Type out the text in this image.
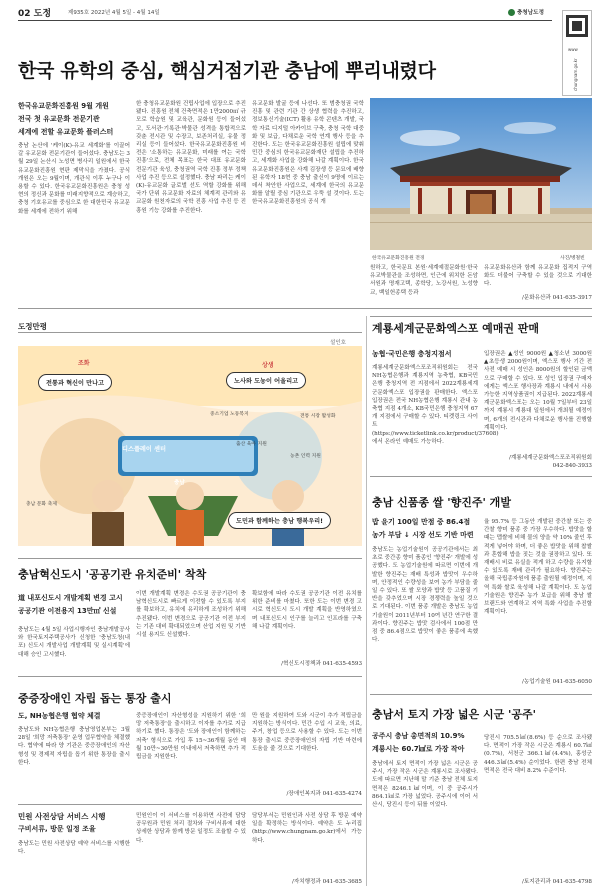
02 도정	제935호 2022년 4월 5일 - 4월 14일	충청남도정
www
chungnam.go.kr
한국 유학의 중심, 핵심거점기관 충남에 뿌리내렸다
한국유교문화진흥원 9월 개원
전국 첫 유교문화 전문기관
세계에 전할 유교문화 플러스터
충남 논산에 '케이(K)-유교 세계화'를 이끌어 갈 유교문화 전문기관이 들어섰다. 충남도는 3월 29일 논산시 노성면 병사리 일원에서 한국유교문화진흥원 현판 제막식을 가졌다. 공식 개원은 오는 9월이며, 개관식 이후 누구나 이용할 수 있다. 한국유교문화진흥원은 충청 성현의 정신과 문화를 미래지향적으로 계승하고, 충청 기호유교를 중심으로 한 대한민국 유교문화를 세계에 전하기 위해
한 충청유교문화원 건립사업에 입장으로 추진됐다. 진흥원 전체 건축면적은 1만2000㎡ 규모로 학습원 및 교육관, 문화원 등이 들어섰고, 도서관·기록관·박물관 성격을 통합적으로 갖춘 전시관 및 수장고, 보존처리실, 유물 정리실 등이 들어섰다. 한국유교문화진흥원 비전은 '소통하는 유교문화, 미래를 여는 국학 진흥'으로, 전체 목표는 한국 대표 유교문화 전문기관 육성, 충청권역 국학 진흥 정부 정책 사업 추진 등으로 설정했다. 충남 파리는 케이(K)-유교문화 글로벌 선도 역할 강화를 위해 국가 단위 유교문화 자료의 체계적 관리와 유교문화 원천자료의 국학 진흥 사업 추진 등 진흥원 기능 강화를 추진한다.
유교문화 발굴 등에 나선다. 또 범충청권 국학 진흥 및 관련 기관 간 상생 협력을 추진하고, 정보통신기술(ICT) 활용 유학 콘텐츠 개발, 국학 자료 디지털 아카이브 구축, 충청 국학 대중화 및 보급, 다채로운 국학 연계 행사 등을 추진한다. 도는 한국유교문화진흥원 설립에 맞춰 민간 중심의 한국유교문화재단 설립을 추진하고, 세계화 사업을 강화해 나갈 계획이다. 한국유교문화진흥원은 사계 김장생 등 문묘에 배향된 유학자 18현 중 충남 출신이 9명에 이르는 데서 착안한 사업으로, 세계에 한국의 유교문화를 알릴 중심 기관으로 우뚝 설 것이다. 도는 한국유교문화진흥원의 공식 개
한국유교문화진흥원 전경	사진/병철빈
원하고, 한국문묘 본원·세계예절문화원·한국유교박물관을 조성하면, 인근에 위치한 돈암서원과 명재고택, 종학당, 노강서원, 노성향교, 백일헌종택 등과
유교문화유산과 함께 유교문화 집적지 구역화도 더불어 구축할 수 있을 것으로 기대한다.
/문화유산과 041-635-3917
도정만평
설인호
조화	상생
전통과 혁신이 만나고	노사와 도농이 어울리고
디스플레이 센터
충남
충남 문화 축제
중소기업 노동복지	전통 시장 활성화
출산 육아 지원
농촌 인력 지원
도민과 함께하는 충남 행복우리!
계룡세계군문화엑스포 예매권 판매
농협·국민은행 충청지점서
계룡세계군문화엑스포조직위원회는 전국 NH농협은행과 계룡지역 농축협, KB국민은행 충청지역 전 지점에서 2022계룡세계군문화엑스포 입장권을 판매한다. 엑스포 입장권은 전국 NH농협은행 계룡시 관내 농축협 지점 4개소, KB국민은행 충청지역 67개 지점에서 구매할 수 있다. 티켓링크 사이트(https://www.ticketlink.co.kr/product/37608)에서 온라인 예매도 가능하다.
입장권은 ▲성인 9000원 ▲청소년 3000원 ▲초등생 2000원이며, 엑스포 행사 기간 전 사전 예매 시 성인은 8000원의 할인된 금액으로 구매할 수 있다. 또 성인 입장권 구매자에게는 엑스포 행사장과 계룡시 내에서 사용 가능한 지역상품권이 지급된다. 2022계룡세계군문화엑스포는 오는 10월 7일부터 23일까지 계룡시 계룡대 일원에서 개최될 예정이며, 6개의 전시관과 다채로운 행사를 진행할 계획이다.
/계룡세계군문화엑스포조직위원회
042-840-3933
충남 신품종 쌀 '향진주' 개발
밥 윤기 100일 만점 중 86.4점
농가 부담 ↓ 시장 선도 기반 마련
충남도는 농업기술원이 공공기관에서는 최초로 중간종 향미 품종인 '향진주' 개발에 성공했다. 도 농업기술원에 따르면 이번에 개발한 향진주는 재배 특성과 밥맛이 우수하며, 안정적인 수량성을 보여 농가 부담을 줄일 수 있다. 또 쌀 모양과 밥맛 등 고품질 기반을 갖추었으며 시장 경쟁력을 높일 것으로 기대된다. 이번 품종 개발은 충남도 농업기술원이 2011년부터 10여 년간 연구한 결과이다. 향진주는 밥맛 검사에서 100점 만점 중 86.4점으로 밥맛이 좋은 품종에 속했다.
율 95.7% 등 그동안 개발된 중간찰 또는 중간찰 향미 품종 중 가장 우수하다. 밥맛을 할 때는 맵쌀에 비해 물의 양을 약 10% 줄인 후 적게 넣어야 하며, 더 좋은 밥맛을 위해 찹쌀과 혼합해 밥을 짓는 것을 권장하고 있다. 또 재배시 비료 유실을 적게 하고 수량을 유지할 수 있도록 재배 관리가 필요하다. 향진주는 올해 국립종자원에 품종 출원될 예정이며, 지역 특화 쌀로 육성해 나갈 계획이다. 도 농업기술원은 향진주 농가 보급을 위해 충남 쌀 브랜드와 연계하고 지역 특화 사업을 추진할 계획이다.
/농업기술원 041-635-6050
충남서 토지 가장 넓은 시군 '공주'
공주시 충남 총면적의 10.9%
계룡시는 60.7㎢로 가장 작아
충남에서 토지 면적이 가장 넓은 시군은 공주시, 가장 작은 시군은 계룡시로 조사됐다. 도에 따르면 지난해 말 기준 충남 전체 토지 면적은 8246.1㎢이며, 이 중 공주시가 864.1㎢로 가장 넓었다. 공주시에 이어 서산시, 당진시 등이 뒤를 이었다.
당진시 705.5㎢(8.6%) 등 순으로 조사됐다. 면적이 가장 작은 시군은 계룡시 60.7㎢(0.7%), 서천군 366.1㎢(4.4%), 홍성군 446.3㎢(5.4%) 순이었다. 한편 충남 전체 면적은 전국 대비 8.2% 수준이다.
/토지관리과 041-635-4798
충남혁신도시 '공공기관 유치준비' 착착
道 내포신도시 개발계획 변경 고시
공공기관 이전용지 13만㎡ 신설
충남도는 4월 5일 사업시행자인 충남개발공사와 한국토지주택공사가 신청한 '충남도청(내포) 신도시 개발사업 개발계획 및 실시계획'에 대해 승인 고시했다.
이번 개발계획 변경은 수도권 공공기관이 충남혁신도시로 빠르게 이전할 수 있도록 부지를 확보하고, 유치에 유리하게 조성하기 위해 추진됐다. 이번 변경으로 공공기관 이전 부지는 기존 대비 확대되었으며 산업 지원 및 기반 시설 용지도 신설했다.
확보함에 따라 수도권 공공기관 이전 유치를 위한 준비를 마쳤다. 또한 도는 이번 변경 고시로 혁신도시 도시 개발 계획을 반영하였으며 내포신도시 인구를 늘리고 인프라를 구축해 나갈 계획이다.
/혁신도시정책과 041-635-4593
중증장애인 자립 돕는 통장 출시
도, NH농협은행 협약 체결
충남도와 NH농협은행 충남영업본부는 3월 28일 '희망 저축통장' 운영 업무협약을 체결했다. 협약에 따라 양 기관은 중증장애인의 자산형성 및 경제적 자립을 돕기 위한 통장을 출시한다.
중증장애인이 자산형성을 지원하기 위한 '희망 저축통장'을 출시하고 이자를 추가로 지급하기로 했다. 통장은 '도와 장애인이 함께하는 저축' 형식으로 가입 후 15~36개월 동안 매월 10만~30만원 이내에서 저축하면 추가 적립금을 지원한다.
만 원을 지원하여 도와 시군이 추가 적립금을 지원하는 방식이다. 민간 수입 시 교육, 의료, 주거, 창업 등으로 사용할 수 있다. 도는 이번 통장 출시로 중증장애인의 자립 기반 마련에 도움을 줄 것으로 기대한다.
/장애인복지과 041-635-4274
민원 사전상담 서비스 시행
구비서류, 방문 일정 조율
충남도는 민원 사전상담 예약 서비스를 시행한다.
민원인이 이 서비스를 이용하면 사전에 담당 공무원과 민원 처리 절차와 구비서류에 대한 상세한 상담과 함께 방문 일정도 조율할 수 있다.
담당부서는 민원인과 사전 상담 후 방문 예약일을 확정하는 방식이다. 예약은 도 누리집(http://www.chungnam.go.kr)에서 가능하다.
/자치행정과 041-635-3685
